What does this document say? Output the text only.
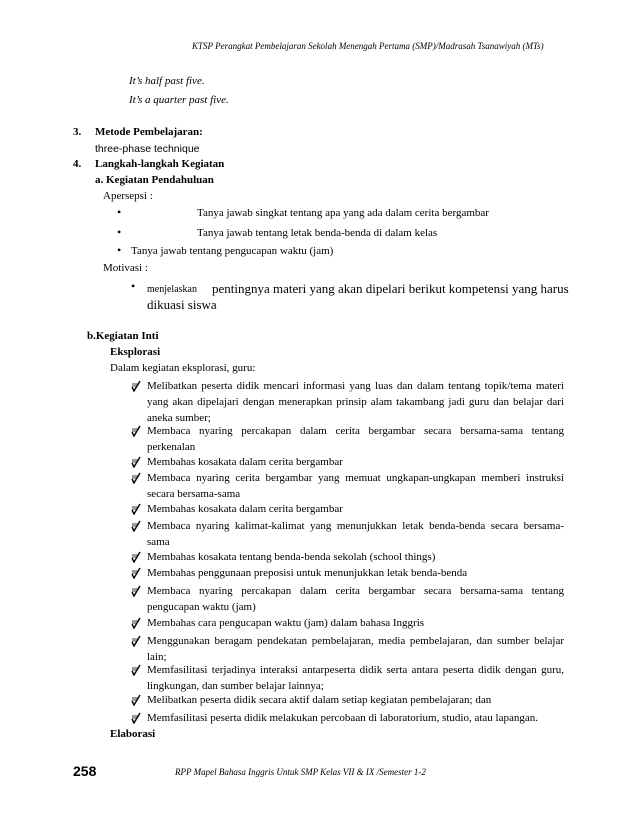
KTSP Perangkat Pembelajaran Sekolah Menengah Pertama (SMP)/Madrasah Tsanawiyah (MTs)
It’s half past five.
It’s a quarter past five.
3. Metode Pembelajaran:
three-phase technique
4. Langkah-langkah Kegiatan
a. Kegiatan Pendahuluan
Apersepsi :
•	Tanya jawab singkat tentang apa yang ada dalam cerita bergambar
•	Tanya jawab tentang letak benda-benda di dalam kelas
• Tanya jawab tentang pengucapan waktu (jam)
Motivasi :
• menjelaskan pentingnya materi yang akan dipelari berikut kompetensi yang harus
dikuasi siswa
b.Kegiatan Inti
Eksplorasi
Dalam kegiatan eksplorasi, guru:
Melibatkan peserta didik mencari informasi yang luas dan dalam tentang topik/tema materi yang akan dipelajari dengan menerapkan prinsip alam takambang jadi guru dan belajar dari aneka sumber;
Membaca nyaring percakapan dalam cerita bergambar secara bersama-sama tentang perkenalan
Membahas kosakata dalam cerita bergambar
Membaca nyaring cerita bergambar yang memuat ungkapan-ungkapan memberi instruksi secara bersama-sama
Membahas kosakata dalam cerita bergambar
Membaca nyaring kalimat-kalimat yang menunjukkan letak benda-benda secara bersama-sama
Membahas kosakata tentang benda-benda sekolah (school things)
Membahas penggunaan preposisi untuk menunjukkan letak benda-benda
Membaca nyaring percakapan dalam cerita bergambar secara bersama-sama tentang pengucapan waktu (jam)
Membahas cara pengucapan waktu (jam) dalam bahasa Inggris
Menggunakan beragam pendekatan pembelajaran, media pembelajaran, dan sumber belajar lain;
Memfasilitasi terjadinya interaksi antarpeserta didik serta antara peserta didik dengan guru, lingkungan, dan sumber belajar lainnya;
Melibatkan peserta didik secara aktif dalam setiap kegiatan pembelajaran; dan
Memfasilitasi peserta didik melakukan percobaan di laboratorium, studio, atau lapangan.
Elaborasi
258	RPP Mapel Bahasa Inggris Untuk SMP Kelas VII & IX /Semester 1-2
